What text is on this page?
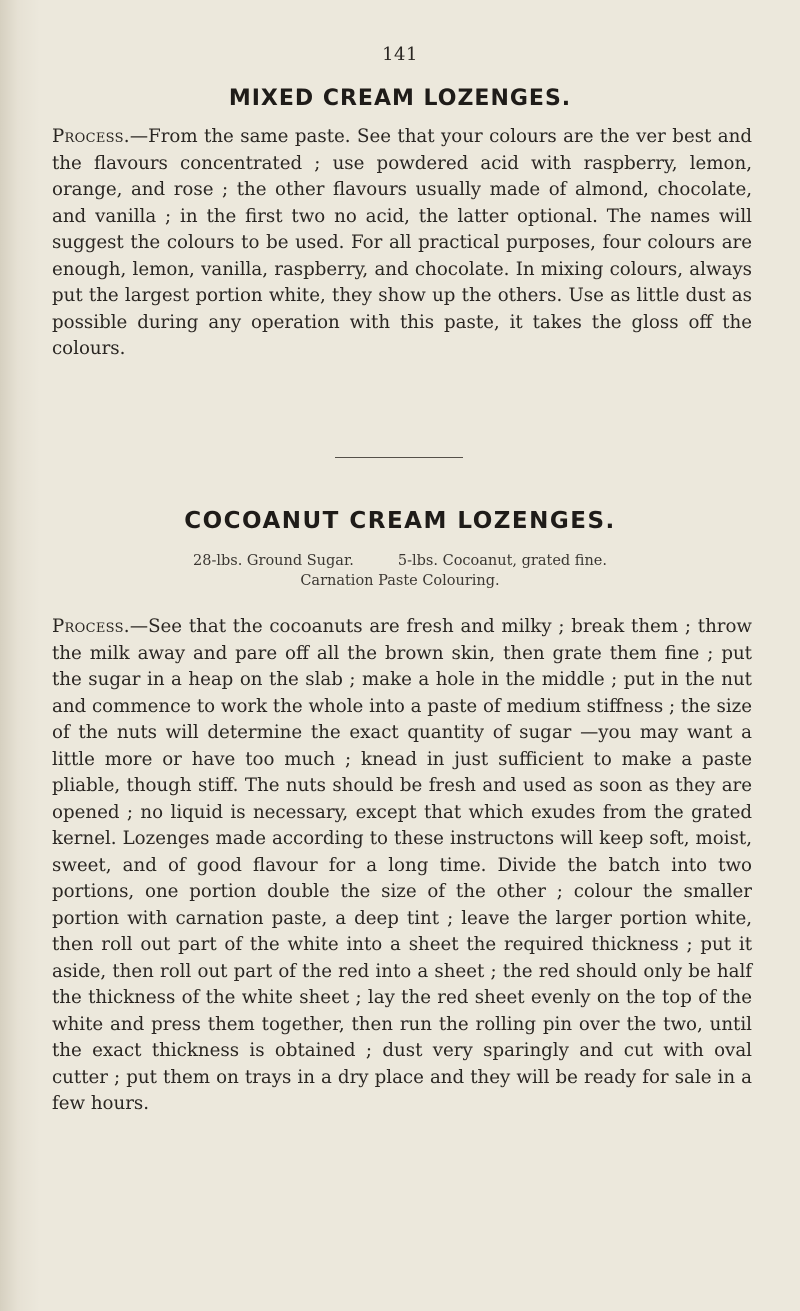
141
MIXED CREAM LOZENGES.

Process.—From the same paste. See that your colours are the ver best and the flavours concentrated ; use powdered acid with raspberry, lemon, orange, and rose ; the other flavours usually made of almond, chocolate, and vanilla ; in the first two no acid, the latter optional. The names will suggest the colours to be used. For all practical purposes, four colours are enough, lemon, vanilla, raspberry, and chocolate. In mixing colours, always put the largest portion white, they show up the others. Use as little dust as possible during any operation with this paste, it takes the gloss off the colours.

COCOANUT CREAM LOZENGES.
28-lbs. Ground Sugar.	5-lbs. Cocoanut, grated fine.
Carnation Paste Colouring.

Process.—See that the cocoanuts are fresh and milky ; break them ; throw the milk away and pare off all the brown skin, then grate them fine ; put the sugar in a heap on the slab ; make a hole in the middle ; put in the nut and commence to work the whole into a paste of medium stiffness ; the size of the nuts will determine the exact quantity of sugar —you may want a little more or have too much ; knead in just sufficient to make a paste pliable, though stiff. The nuts should be fresh and used as soon as they are opened ; no liquid is necessary, except that which exudes from the grated kernel. Lozenges made according to these instructons will keep soft, moist, sweet, and of good flavour for a long time. Divide the batch into two portions, one portion double the size of the other ; colour the smaller portion with carnation paste, a deep tint ; leave the larger portion white, then roll out part of the white into a sheet the required thickness ; put it aside, then roll out part of the red into a sheet ; the red should only be half the thickness of the white sheet ; lay the red sheet evenly on the top of the white and press them together, then run the rolling pin over the two, until the exact thickness is obtained ; dust very sparingly and cut with oval cutter ; put them on trays in a dry place and they will be ready for sale in a few hours.
